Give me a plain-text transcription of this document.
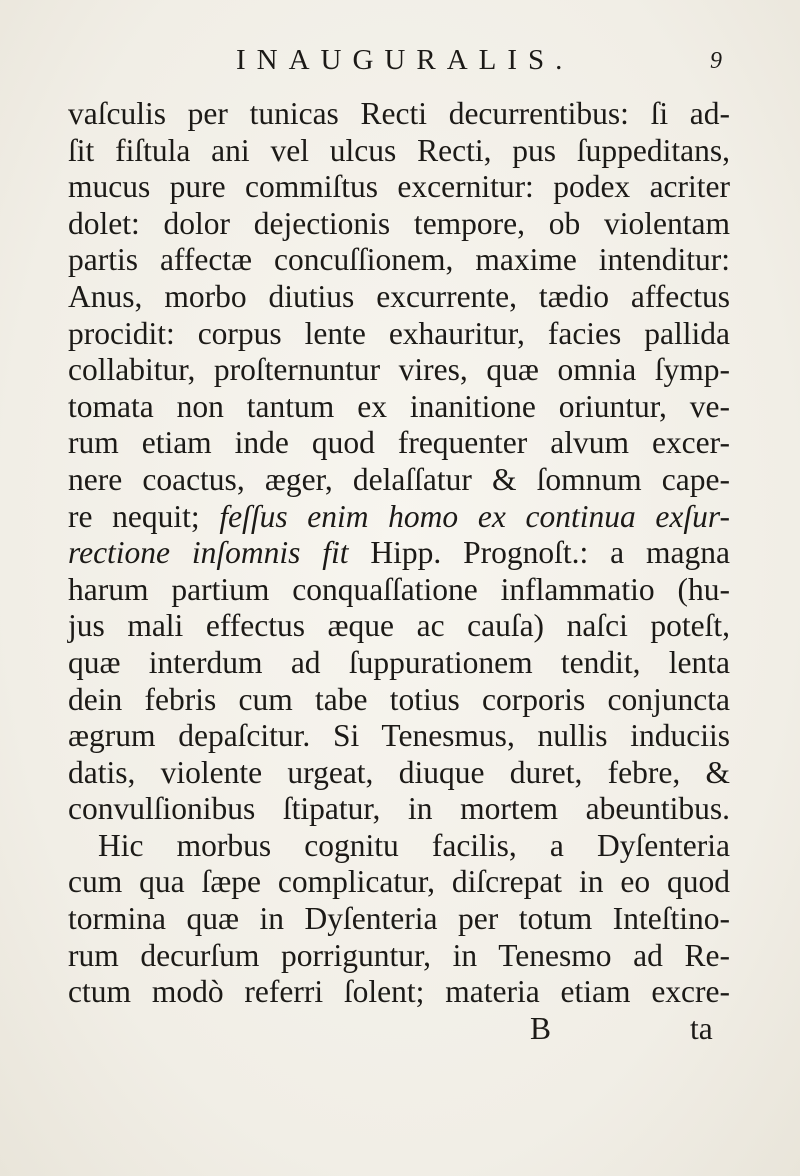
INAUGURALIS.	9
vaſculis per tunicas Recti decurrentibus: ſi ad-
ſit fiſtula ani vel ulcus Recti, pus ſuppeditans,
mucus pure commiſtus excernitur: podex acriter
dolet: dolor dejectionis tempore, ob violentam
partis affectæ concuſſionem, maxime intenditur:
Anus, morbo diutius excurrente, tædio affectus
procidit: corpus lente exhauritur, facies pallida
collabitur, proſternuntur vires, quæ omnia ſymp-
tomata non tantum ex inanitione oriuntur, ve-
rum etiam inde quod frequenter alvum excer-
nere coactus, æger, delaſſatur & ſomnum cape-
re nequit; feſſus enim homo ex continua exſur-
rectione inſomnis fit Hipp. Prognoſt.: a magna
harum partium conquaſſatione inflammatio (hu-
jus mali effectus æque ac cauſa) naſci poteſt,
quæ interdum ad ſuppurationem tendit, lenta
dein febris cum tabe totius corporis conjuncta
ægrum depaſcitur. Si Tenesmus, nullis induciis
datis, violente urgeat, diuque duret, febre, &
convulſionibus ſtipatur, in mortem abeuntibus.
Hic morbus cognitu facilis, a Dyſenteria
cum qua ſæpe complicatur, diſcrepat in eo quod
tormina quæ in Dyſenteria per totum Inteſtino-
rum decurſum porriguntur, in Tenesmo ad Re-
ctum modò referri ſolent; materia etiam excre-
B	ta
